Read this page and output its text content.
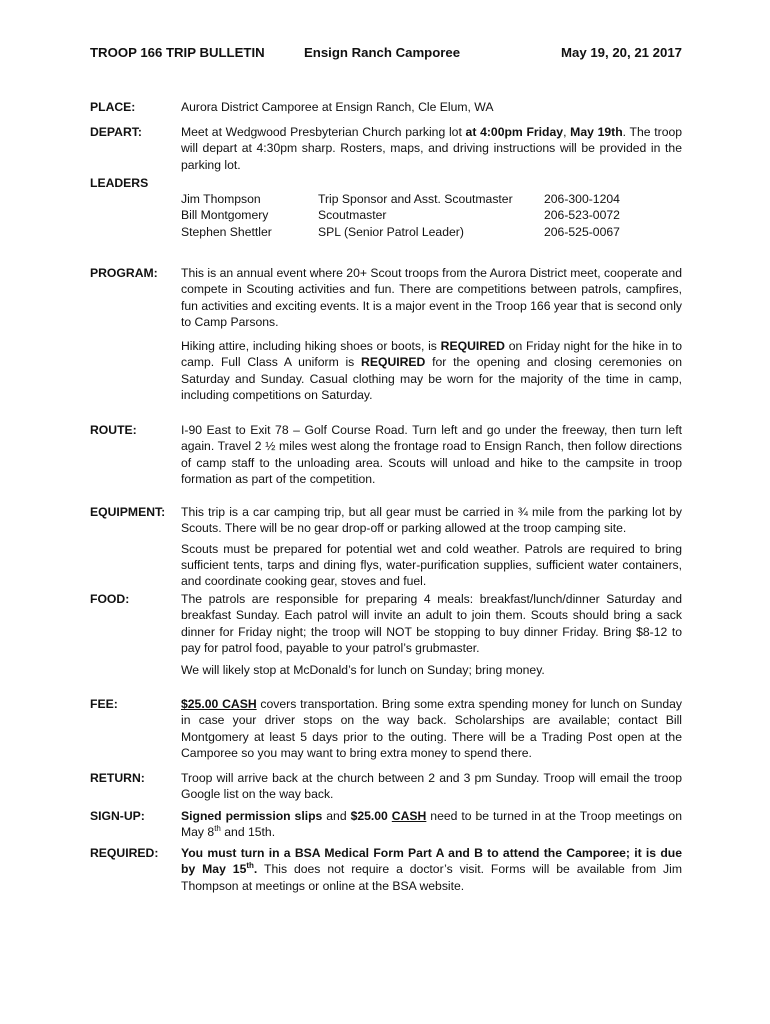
TROOP 166 TRIP BULLETIN	Ensign Ranch Camporee	May 19, 20, 21 2017
PLACE:	Aurora District Camporee at Ensign Ranch, Cle Elum, WA

DEPART:	Meet at Wedgwood Presbyterian Church parking lot at 4:00pm Friday, May 19th. The troop will depart at 4:30pm sharp. Rosters, maps, and driving instructions will be provided in the parking lot.

LEADERS
Jim Thompson	Trip Sponsor and Asst. Scoutmaster	206-300-1204
Bill Montgomery	Scoutmaster	206-523-0072
Stephen Shettler	SPL (Senior Patrol Leader)	206-525-0067
PROGRAM: This is an annual event where 20+ Scout troops from the Aurora District meet, cooperate and compete in Scouting activities and fun. There are competitions between patrols, campfires, fun activities and exciting events. It is a major event in the Troop 166 year that is second only to Camp Parsons.

Hiking attire, including hiking shoes or boots, is REQUIRED on Friday night for the hike in to camp. Full Class A uniform is REQUIRED for the opening and closing ceremonies on Saturday and Sunday. Casual clothing may be worn for the majority of the time in camp, including competitions on Saturday.

ROUTE:	I-90 East to Exit 78 – Golf Course Road. Turn left and go under the freeway, then turn left again. Travel 2 ½ miles west along the frontage road to Ensign Ranch, then follow directions of camp staff to the unloading area. Scouts will unload and hike to the campsite in troop formation as part of the competition.

EQUIPMENT: This trip is a car camping trip, but all gear must be carried in ¾ mile from the parking lot by Scouts. There will be no gear drop-off or parking allowed at the troop camping site.

Scouts must be prepared for potential wet and cold weather. Patrols are required to bring sufficient tents, tarps and dining flys, water-purification supplies, sufficient water containers, and coordinate cooking gear, stoves and fuel.

FOOD:	The patrols are responsible for preparing 4 meals: breakfast/lunch/dinner Saturday and breakfast Sunday. Each patrol will invite an adult to join them. Scouts should bring a sack dinner for Friday night; the troop will NOT be stopping to buy dinner Friday. Bring $8-12 to pay for patrol food, payable to your patrol’s grubmaster.

We will likely stop at McDonald’s for lunch on Sunday; bring money.

FEE:	$25.00 CASH covers transportation. Bring some extra spending money for lunch on Sunday in case your driver stops on the way back. Scholarships are available; contact Bill Montgomery at least 5 days prior to the outing. There will be a Trading Post open at the Camporee so you may want to bring extra money to spend there.

RETURN:	Troop will arrive back at the church between 2 and 3 pm Sunday. Troop will email the troop Google list on the way back.

SIGN-UP:	Signed permission slips and $25.00 CASH need to be turned in at the Troop meetings on May 8th and 15th.

REQUIRED: You must turn in a BSA Medical Form Part A and B to attend the Camporee; it is due by May 15th. This does not require a doctor’s visit. Forms will be available from Jim Thompson at meetings or online at the BSA website.
